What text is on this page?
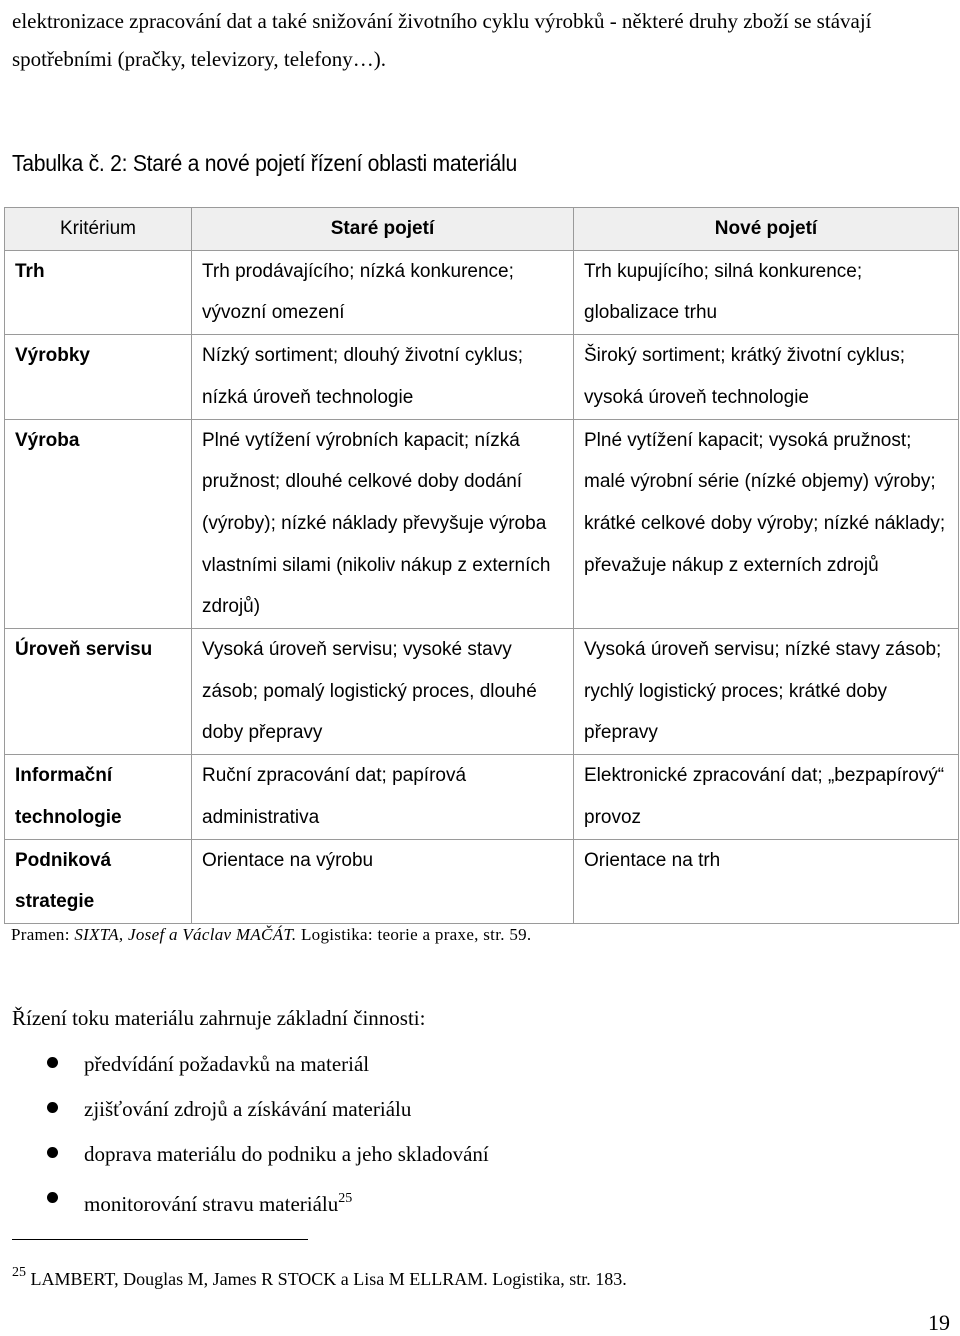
elektronizace zpracování dat a také snižování životního cyklu výrobků - některé druhy zboží se stávají spotřebními (pračky, televizory, telefony…).
Tabulka č. 2: Staré a nové pojetí řízení oblasti materiálu
Kritérium	Staré pojetí	Nové pojetí
Trh	Trh prodávajícího; nízká konkurence; vývozní omezení	Trh kupujícího; silná konkurence; globalizace trhu
Výrobky	Nízký sortiment; dlouhý životní cyklus; nízká úroveň technologie	Široký sortiment; krátký životní cyklus; vysoká úroveň technologie
Výroba	Plné vytížení výrobních kapacit; nízká pružnost; dlouhé celkové doby dodání (výroby); nízké náklady převyšuje výroba vlastními silami (nikoliv nákup z externích zdrojů)	Plné vytížení kapacit; vysoká pružnost; malé výrobní série (nízké objemy) výroby; krátké celkové doby výroby; nízké náklady; převažuje nákup z externích zdrojů
Úroveň servisu	Vysoká úroveň servisu; vysoké stavy zásob; pomalý logistický proces, dlouhé doby přepravy	Vysoká úroveň servisu; nízké stavy zásob; rychlý logistický proces; krátké doby přepravy
Informační technologie	Ruční zpracování dat; papírová administrativa	Elektronické zpracování dat; „bezpapírový“ provoz
Podniková strategie	Orientace na výrobu	Orientace na trh
Pramen: SIXTA, Josef a Václav MAČÁT. Logistika: teorie a praxe, str. 59.
Řízení toku materiálu zahrnuje základní činnosti:
předvídání požadavků na materiál
zjišťování zdrojů a získávání materiálu
doprava materiálu do podniku a jeho skladování
monitorování stravu materiálu$^{25}$
$^{25}$ LAMBERT, Douglas M, James R STOCK a Lisa M ELLRAM. Logistika, str. 183.
19
